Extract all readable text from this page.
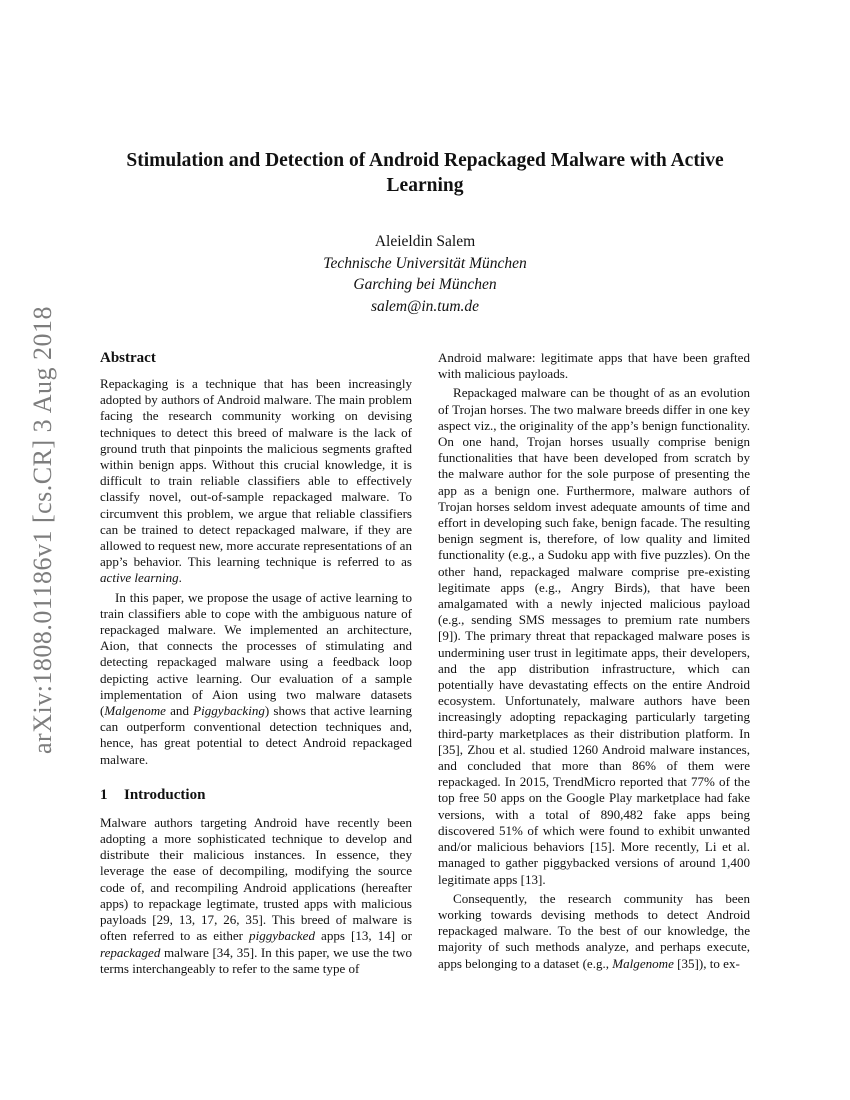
arXiv:1808.01186v1 [cs.CR] 3 Aug 2018
Stimulation and Detection of Android Repackaged Malware with Active Learning
Aleieldin Salem
Technische Universität München
Garching bei München
salem@in.tum.de
Abstract

Repackaging is a technique that has been increasingly adopted by authors of Android malware. The main problem facing the research community working on devising techniques to detect this breed of malware is the lack of ground truth that pinpoints the malicious segments grafted within benign apps. Without this crucial knowledge, it is difficult to train reliable classifiers able to effectively classify novel, out-of-sample repackaged malware. To circumvent this problem, we argue that reliable classifiers can be trained to detect repackaged malware, if they are allowed to request new, more accurate representations of an app’s behavior. This learning technique is referred to as active learning.

In this paper, we propose the usage of active learning to train classifiers able to cope with the ambiguous nature of repackaged malware. We implemented an architecture, Aion, that connects the processes of stimulating and detecting repackaged malware using a feedback loop depicting active learning. Our evaluation of a sample implementation of Aion using two malware datasets (Malgenome and Piggybacking) shows that active learning can outperform conventional detection techniques and, hence, has great potential to detect Android repackaged malware.

1 Introduction

Malware authors targeting Android have recently been adopting a more sophisticated technique to develop and distribute their malicious instances. In essence, they leverage the ease of decompiling, modifying the source code of, and recompiling Android applications (hereafter apps) to repackage legtimate, trusted apps with malicious payloads [29, 13, 17, 26, 35]. This breed of malware is often referred to as either piggybacked apps [13, 14] or repackaged malware [34, 35]. In this paper, we use the two terms interchangeably to refer to the same type of

Android malware: legitimate apps that have been grafted with malicious payloads.

Repackaged malware can be thought of as an evolution of Trojan horses. The two malware breeds differ in one key aspect viz., the originality of the app’s benign functionality. On one hand, Trojan horses usually comprise benign functionalities that have been developed from scratch by the malware author for the sole purpose of presenting the app as a benign one. Furthermore, malware authors of Trojan horses seldom invest adequate amounts of time and effort in developing such fake, benign facade. The resulting benign segment is, therefore, of low quality and limited functionality (e.g., a Sudoku app with five puzzles). On the other hand, repackaged malware comprise pre-existing legitimate apps (e.g., Angry Birds), that have been amalgamated with a newly injected malicious payload (e.g., sending SMS messages to premium rate numbers [9]). The primary threat that repackaged malware poses is undermining user trust in legitimate apps, their developers, and the app distribution infrastructure, which can potentially have devastating effects on the entire Android ecosystem. Unfortunately, malware authors have been increasingly adopting repackaging particularly targeting third-party marketplaces as their distribution platform. In [35], Zhou et al. studied 1260 Android malware instances, and concluded that more than 86% of them were repackaged. In 2015, TrendMicro reported that 77% of the top free 50 apps on the Google Play marketplace had fake versions, with a total of 890,482 fake apps being discovered 51% of which were found to exhibit unwanted and/or malicious behaviors [15]. More recently, Li et al. managed to gather piggybacked versions of around 1,400 legitimate apps [13].

Consequently, the research community has been working towards devising methods to detect Android repackaged malware. To the best of our knowledge, the majority of such methods analyze, and perhaps execute, apps belonging to a dataset (e.g., Malgenome [35]), to ex-
